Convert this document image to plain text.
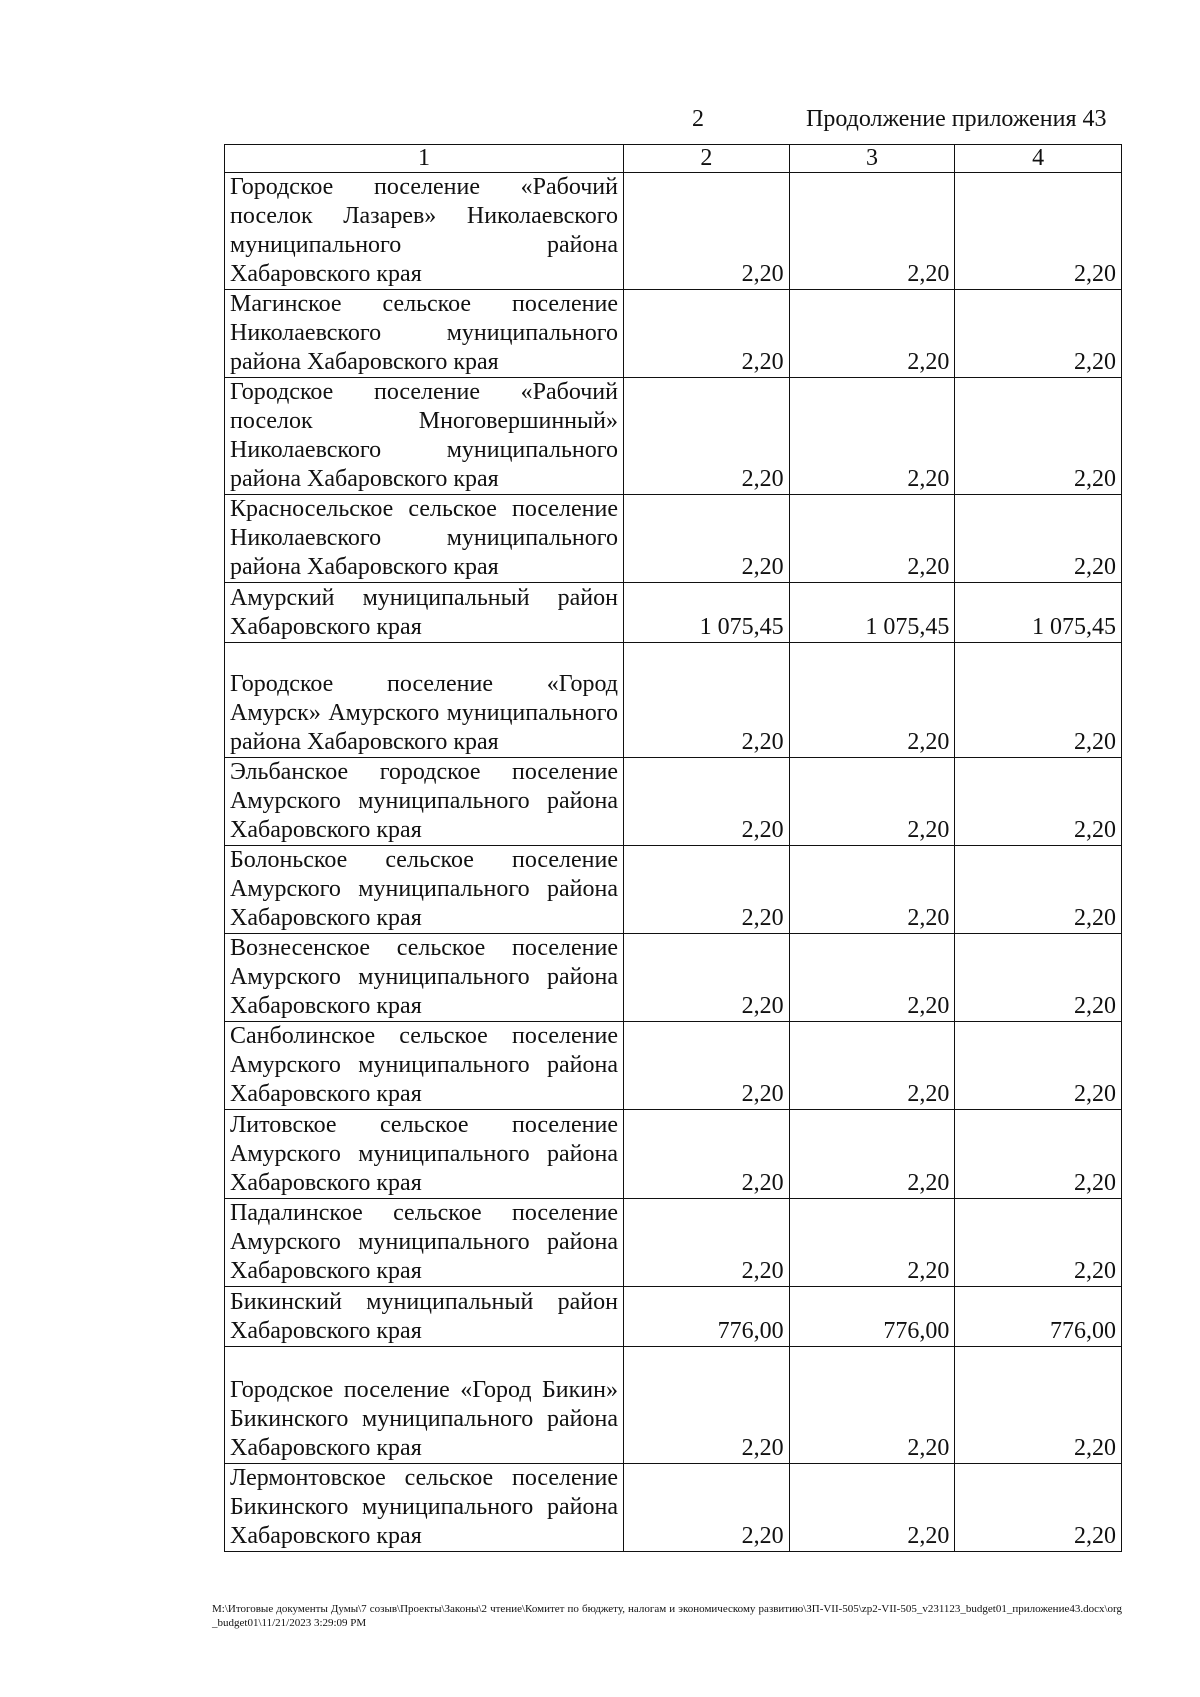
2	Продолжение приложения 43
1	2	3	4
Городское поселение «Рабочий поселок Лазарев» Николаевского муниципального района Хабаровского края	2,20	2,20	2,20
Магинское сельское поселение Николаевского муниципального района Хабаровского края	2,20	2,20	2,20
Городское поселение «Рабочий поселок Многовершинный» Николаевского муниципального района Хабаровского края	2,20	2,20	2,20
Красносельское сельское поселение Николаевского муниципального района Хабаровского края	2,20	2,20	2,20
Амурский муниципальный район Хабаровского края	1 075,45	1 075,45	1 075,45
Городское поселение «Город Амурск» Амурского муниципального района Хабаровского края	2,20	2,20	2,20
Эльбанское городское поселение Амурского муниципального района Хабаровского края	2,20	2,20	2,20
Болоньское сельское поселение Амурского муниципального района Хабаровского края	2,20	2,20	2,20
Вознесенское сельское поселение Амурского муниципального района Хабаровского края	2,20	2,20	2,20
Санболинское сельское поселение Амурского муниципального района Хабаровского края	2,20	2,20	2,20
Литовское сельское поселение Амурского муниципального района Хабаровского края	2,20	2,20	2,20
Падалинское сельское поселение Амурского муниципального района Хабаровского края	2,20	2,20	2,20
Бикинский муниципальный район Хабаровского края	776,00	776,00	776,00
Городское поселение «Город Бикин» Бикинского муниципального района Хабаровского края	2,20	2,20	2,20
Лермонтовское сельское поселение Бикинского муниципального района Хабаровского края	2,20	2,20	2,20
M:\Итоговые документы Думы\7 созыв\Проекты\Законы\2 чтение\Комитет по бюджету, налогам и экономическому развитию\ЗП-VII-505\zp2-VII-505_v231123_budget01_приложение43.docx\org_budget01\11/21/2023 3:29:09 PM
